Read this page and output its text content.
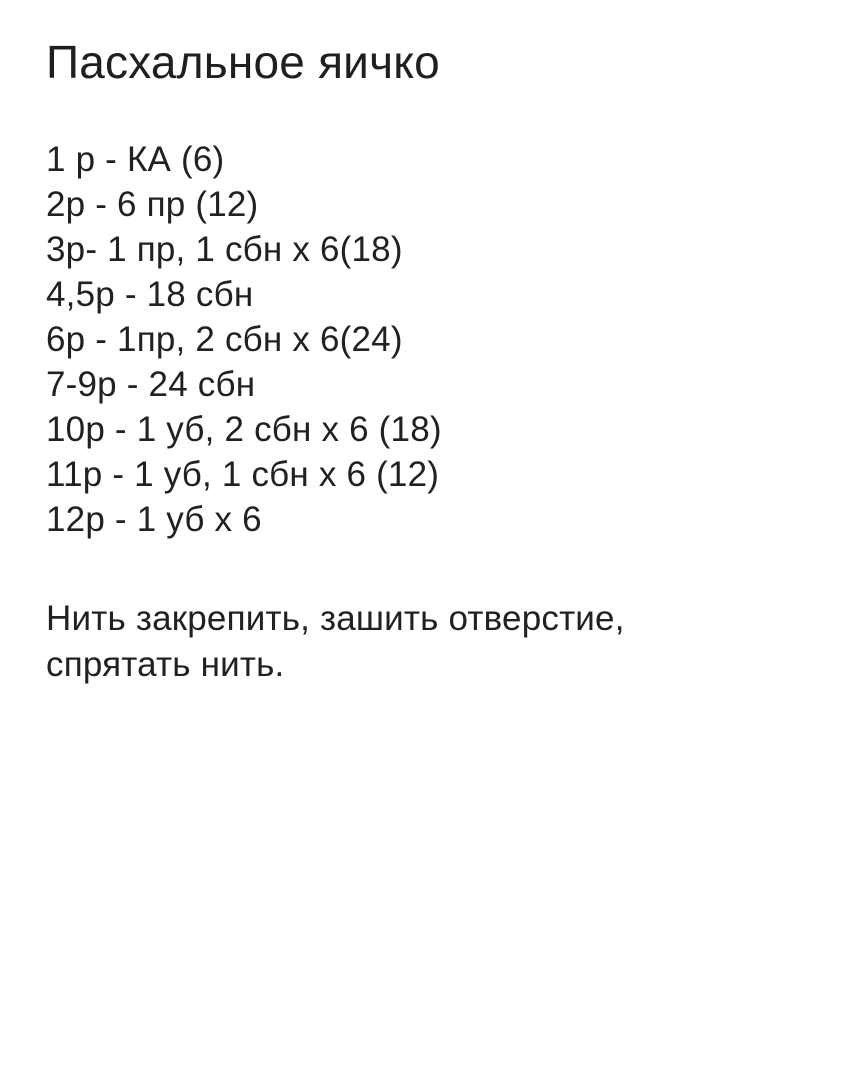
Пасхальное яичко
1 р - КА (6)
2р - 6 пр (12)
3р- 1 пр, 1 сбн х 6(18)
4,5р - 18 сбн
6р - 1пр, 2 сбн х 6(24)
7-9р - 24 сбн
10р - 1 уб, 2 сбн х 6 (18)
11р - 1 уб, 1 сбн х 6 (12)
12р - 1 уб х 6

Нить закрепить, зашить отверстие,
спрятать нить.
